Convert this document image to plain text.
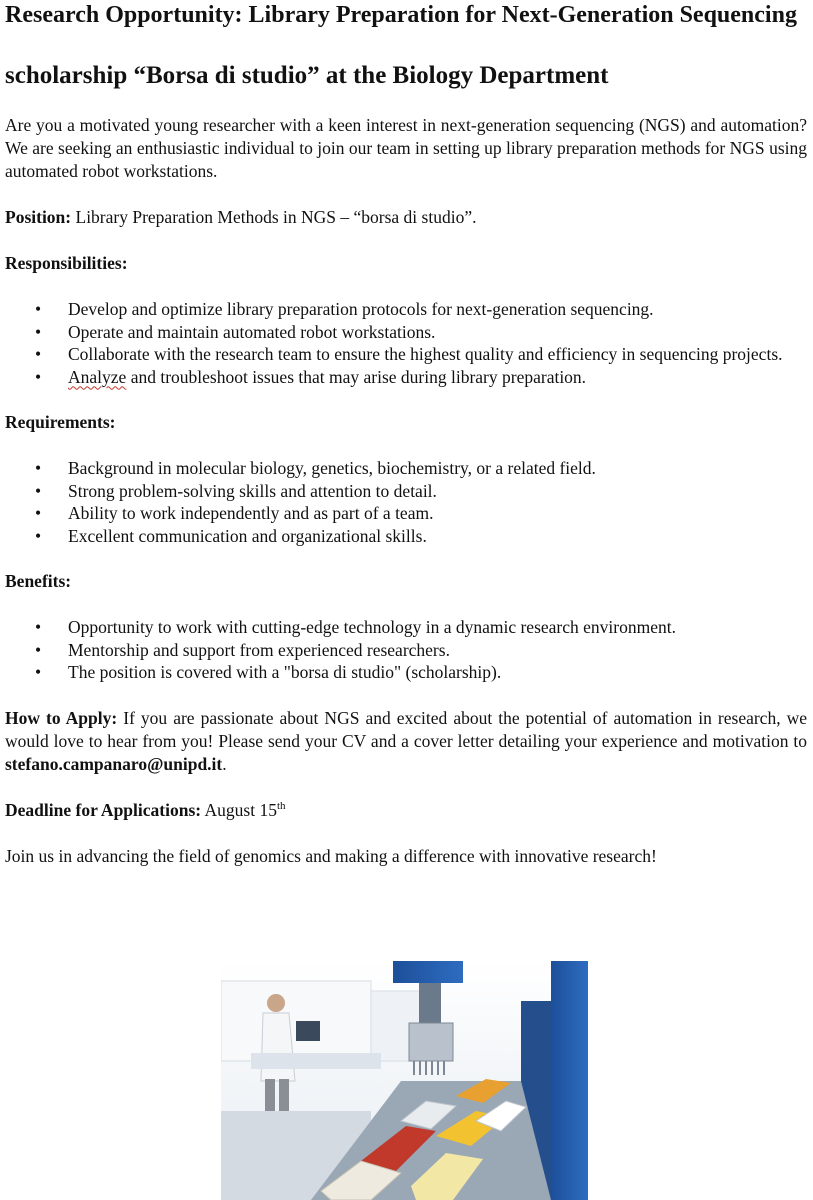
Research Opportunity: Library Preparation for Next-Generation Sequencing
scholarship “Borsa di studio” at the Biology Department

Are you a motivated young researcher with a keen interest in next-generation sequencing (NGS) and automation? We are seeking an enthusiastic individual to join our team in setting up library preparation methods for NGS using automated robot workstations.

Position: Library Preparation Methods in NGS – “borsa di studio”.

Responsibilities:

• Develop and optimize library preparation protocols for next-generation sequencing.
• Operate and maintain automated robot workstations.
• Collaborate with the research team to ensure the highest quality and efficiency in sequencing projects.
• Analyze and troubleshoot issues that may arise during library preparation.

Requirements:

• Background in molecular biology, genetics, biochemistry, or a related field.
• Strong problem-solving skills and attention to detail.
• Ability to work independently and as part of a team.
• Excellent communication and organizational skills.

Benefits:

• Opportunity to work with cutting-edge technology in a dynamic research environment.
• Mentorship and support from experienced researchers.
• The position is covered with a "borsa di studio" (scholarship).

How to Apply: If you are passionate about NGS and excited about the potential of automation in research, we would love to hear from you! Please send your CV and a cover letter detailing your experience and motivation to stefano.campanaro@unipd.it.

Deadline for Applications: August 15th

Join us in advancing the field of genomics and making a difference with innovative research!
